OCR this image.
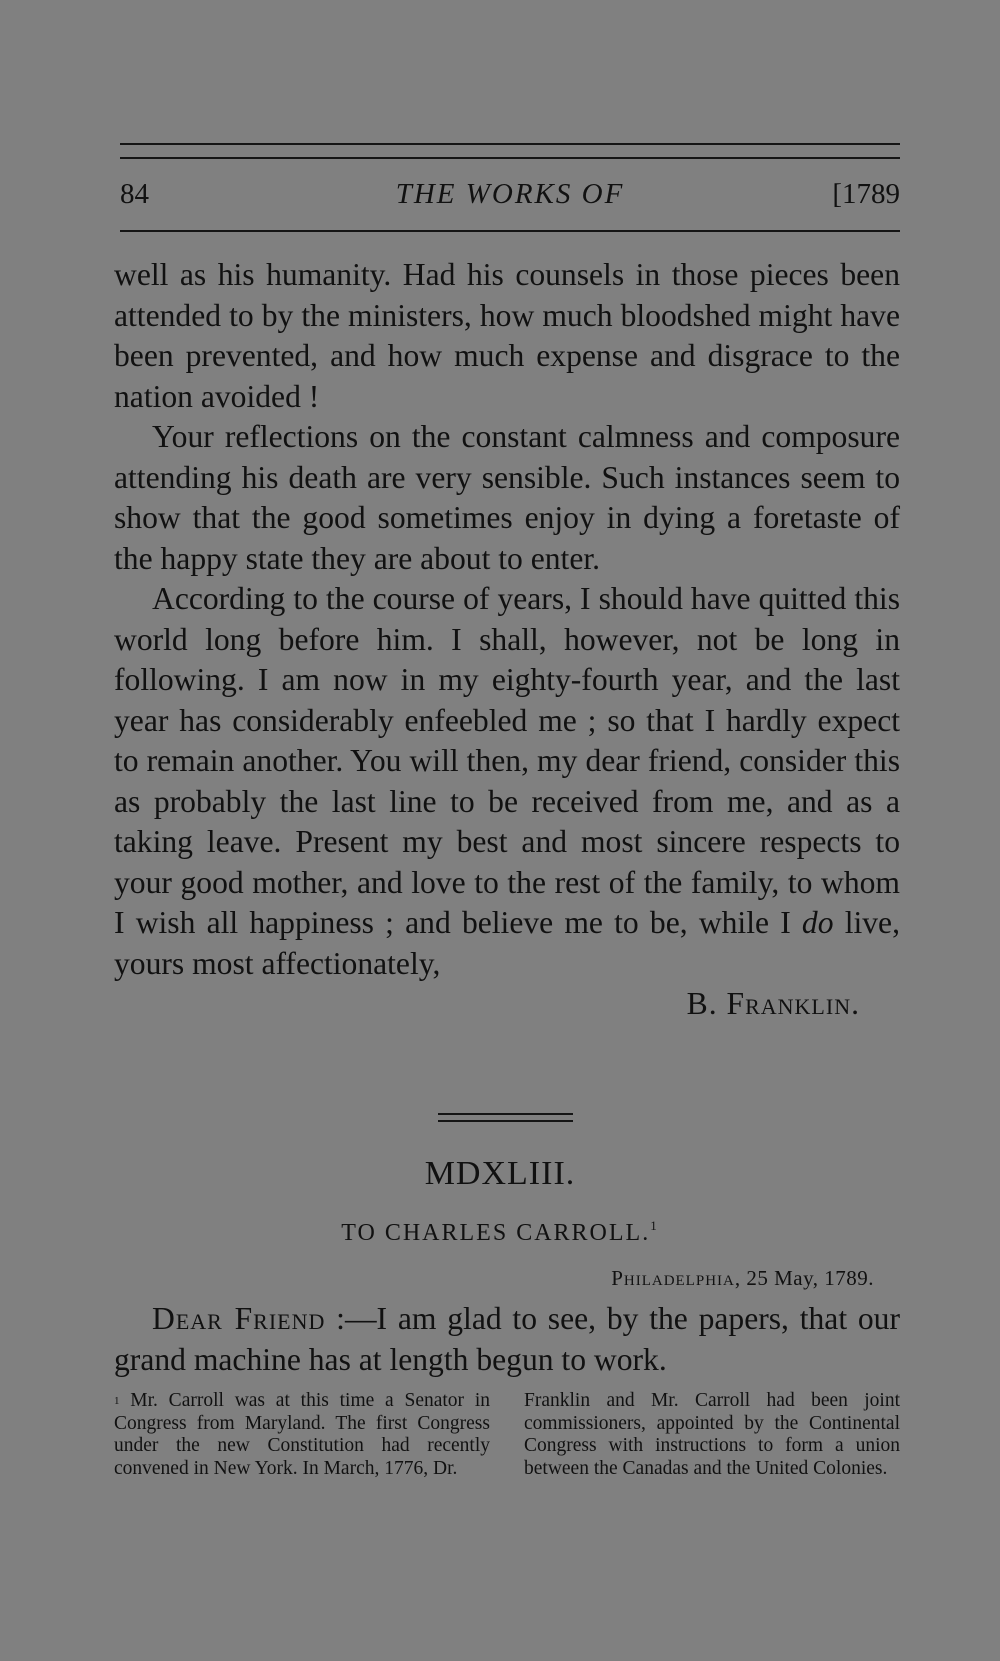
84	THE WORKS OF	[1789

well as his humanity. Had his counsels in those pieces been attended to by the ministers, how much bloodshed might have been prevented, and how much expense and disgrace to the nation avoided !

Your reflections on the constant calmness and composure attending his death are very sensible. Such instances seem to show that the good sometimes enjoy in dying a foretaste of the happy state they are about to enter.

According to the course of years, I should have quitted this world long before him. I shall, however, not be long in following. I am now in my eighty-fourth year, and the last year has considerably enfeebled me ; so that I hardly expect to remain another. You will then, my dear friend, consider this as probably the last line to be received from me, and as a taking leave. Present my best and most sincere respects to your good mother, and love to the rest of the family, to whom I wish all happiness ; and believe me to be, while I do live, yours most affectionately,

B. Franklin.

MDXLIII.
TO CHARLES CARROLL.$^1$
Philadelphia, 25 May, 1789.

Dear Friend :—I am glad to see, by the papers, that our grand machine has at length begun to work.

$^1$ Mr. Carroll was at this time a Senator in Congress from Maryland. The first Congress under the new Constitution had recently convened in New York. In March, 1776, Dr.
Franklin and Mr. Carroll had been joint commissioners, appointed by the Continental Congress with instructions to form a union between the Canadas and the United Colonies.
